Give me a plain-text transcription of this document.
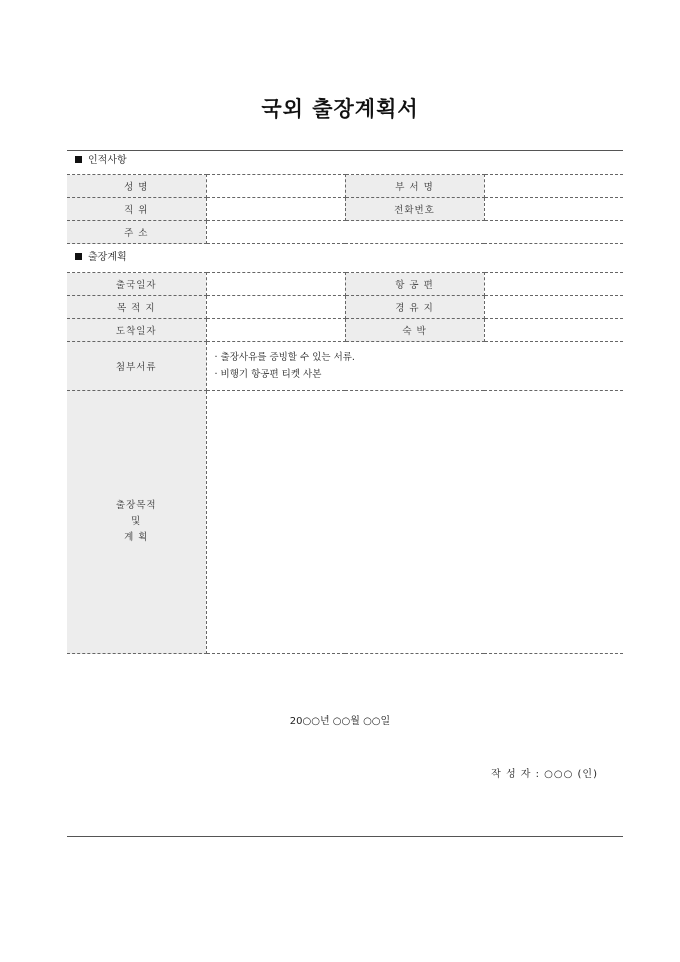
국외 출장계획서
인적사항
성 명		부 서 명	
직 위		전화번호	
주 소			
출장계획
출국일자		항 공 편	
목 적 지		경 유 지	
도착일자		숙 박	
첨부서류	· 출장사유를 증빙할 수 있는 서류.
· 비행기 항공편 티켓 사본		

출장목적
및
계 획			

20○○년 ○○월 ○○일
작 성 자 : ○○○ (인)
